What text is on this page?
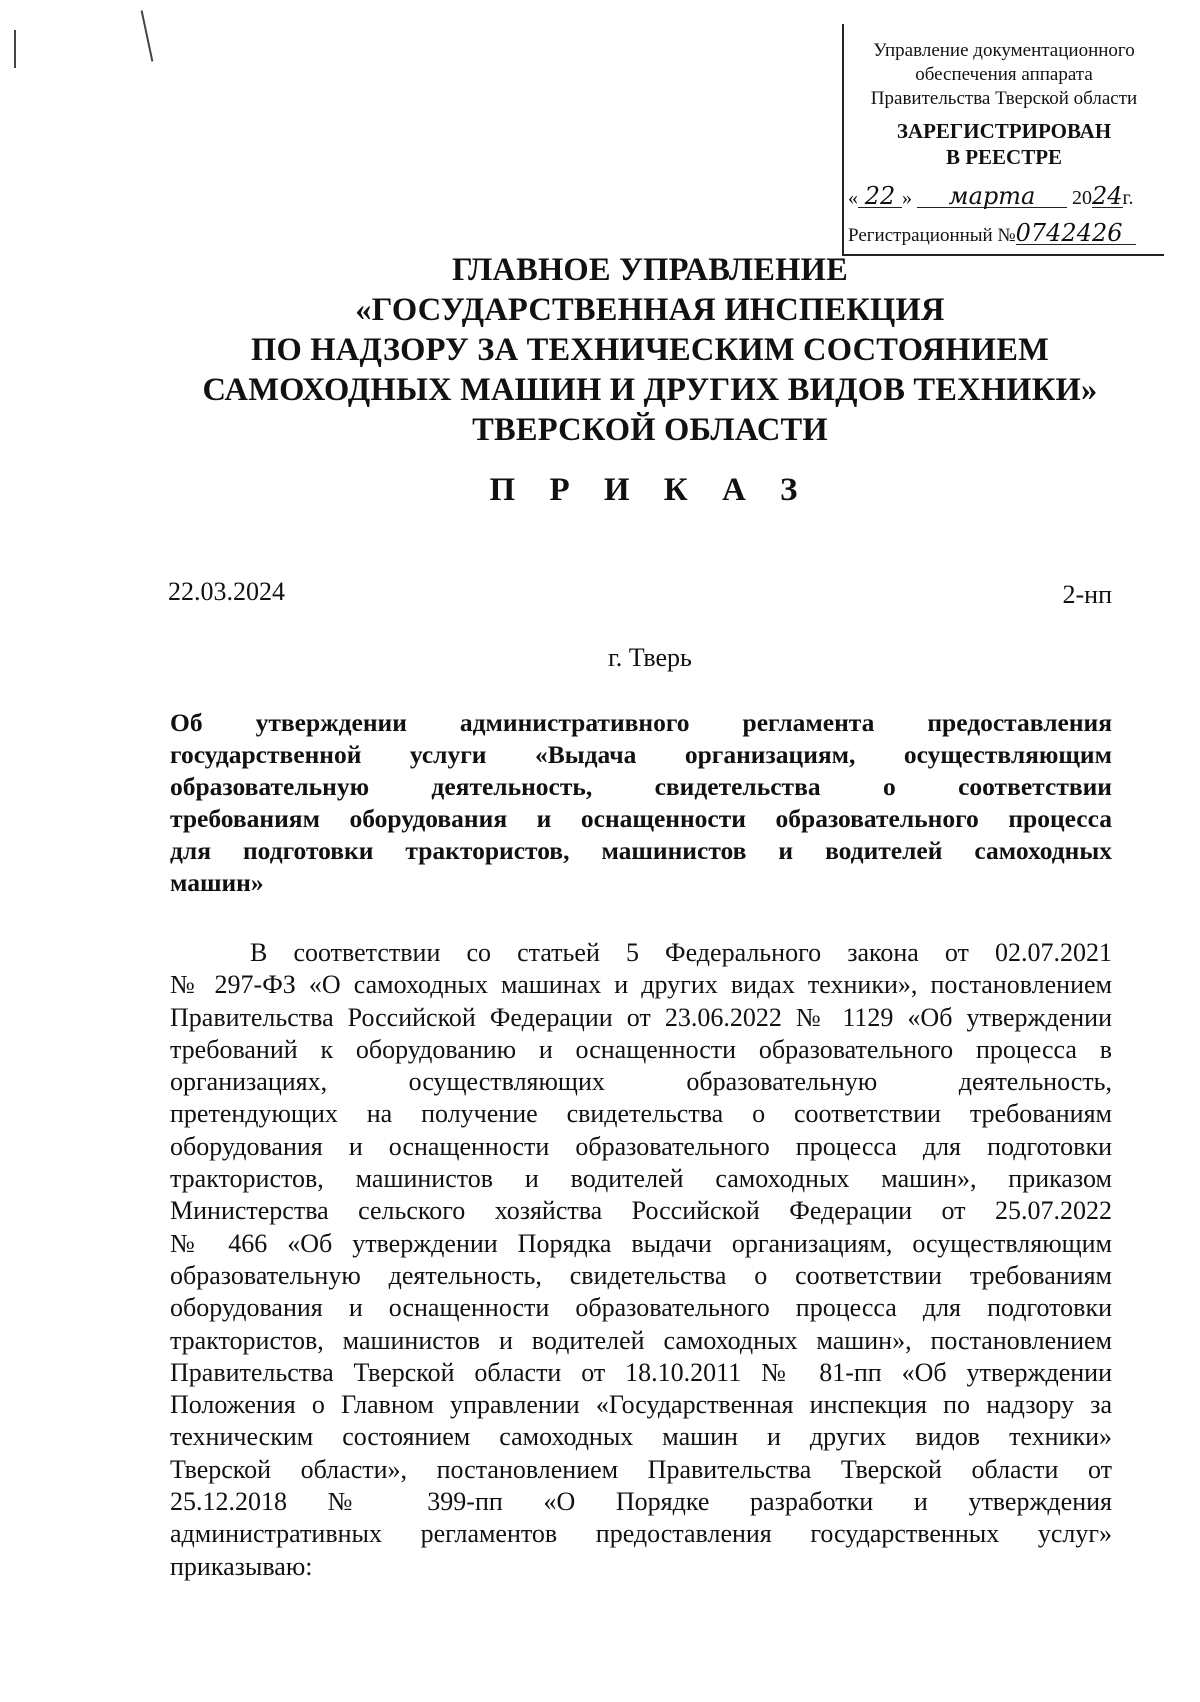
Управление документационного
обеспечения аппарата
Правительства Тверской области
ЗАРЕГИСТРИРОВАН
В РЕЕСТРЕ
« 22 » марта 2024г.
Регистрационный №0742426
ГЛАВНОЕ УПРАВЛЕНИЕ
«ГОСУДАРСТВЕННАЯ ИНСПЕКЦИЯ
ПО НАДЗОРУ ЗА ТЕХНИЧЕСКИМ СОСТОЯНИЕМ
САМОХОДНЫХ МАШИН И ДРУГИХ ВИДОВ ТЕХНИКИ»
ТВЕРСКОЙ ОБЛАСТИ
П Р И К А З
22.03.2024	2-нп
г. Тверь
Об утверждении административного регламента предоставления
государственной услуги «Выдача организациям, осуществляющим
образовательную деятельность, свидетельства о соответствии
требованиям оборудования и оснащенности образовательного процесса
для подготовки трактористов, машинистов и водителей самоходных
машин»
В соответствии со статьей 5 Федерального закона от 02.07.2021
№ 297-ФЗ «О самоходных машинах и других видах техники», постановлением
Правительства Российской Федерации от 23.06.2022 № 1129 «Об утверждении
требований к оборудованию и оснащенности образовательного процесса в
организациях, осуществляющих образовательную деятельность,
претендующих на получение свидетельства о соответствии требованиям
оборудования и оснащенности образовательного процесса для подготовки
трактористов, машинистов и водителей самоходных машин», приказом
Министерства сельского хозяйства Российской Федерации от 25.07.2022
№ 466 «Об утверждении Порядка выдачи организациям, осуществляющим
образовательную деятельность, свидетельства о соответствии требованиям
оборудования и оснащенности образовательного процесса для подготовки
трактористов, машинистов и водителей самоходных машин», постановлением
Правительства Тверской области от 18.10.2011 № 81-пп «Об утверждении
Положения о Главном управлении «Государственная инспекция по надзору за
техническим состоянием самоходных машин и других видов техники»
Тверской области», постановлением Правительства Тверской области от
25.12.2018 № 399-пп «О Порядке разработки и утверждения
административных регламентов предоставления государственных услуг»
приказываю:
